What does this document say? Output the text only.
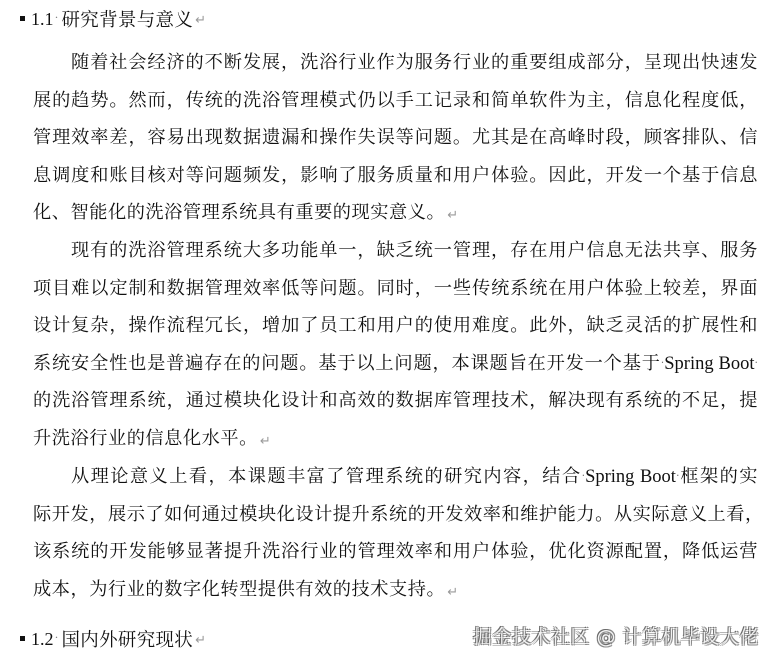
1.1 · 研究背景与意义 ↵
随着社会经济的不断发展，洗浴行业作为服务行业的重要组成部分，呈现出快速发
展的趋势。然而，传统的洗浴管理模式仍以手工记录和简单软件为主，信息化程度低，
管理效率差，容易出现数据遗漏和操作失误等问题。尤其是在高峰时段，顾客排队、信
息调度和账目核对等问题频发，影响了服务质量和用户体验。因此，开发一个基于信息
化、智能化的洗浴管理系统具有重要的现实意义。 ↵
现有的洗浴管理系统大多功能单一，缺乏统一管理，存在用户信息无法共享、服务
项目难以定制和数据管理效率低等问题。同时，一些传统系统在用户体验上较差，界面
设计复杂，操作流程冗长，增加了员工和用户的使用难度。此外，缺乏灵活的扩展性和
系统安全性也是普遍存在的问题。基于以上问题，本课题旨在开发一个基于·Spring Boot·
的洗浴管理系统，通过模块化设计和高效的数据库管理技术，解决现有系统的不足，提
升洗浴行业的信息化水平。 ↵
从理论意义上看，本课题丰富了管理系统的研究内容，结合·Spring Boot·框架的实
际开发，展示了如何通过模块化设计提升系统的开发效率和维护能力。从实际意义上看，
该系统的开发能够显著提升洗浴行业的管理效率和用户体验，优化资源配置，降低运营
成本，为行业的数字化转型提供有效的技术支持。 ↵
1.2 · 国内外研究现状 ↵	掘金技术社区 @ 计算机毕设大佬
